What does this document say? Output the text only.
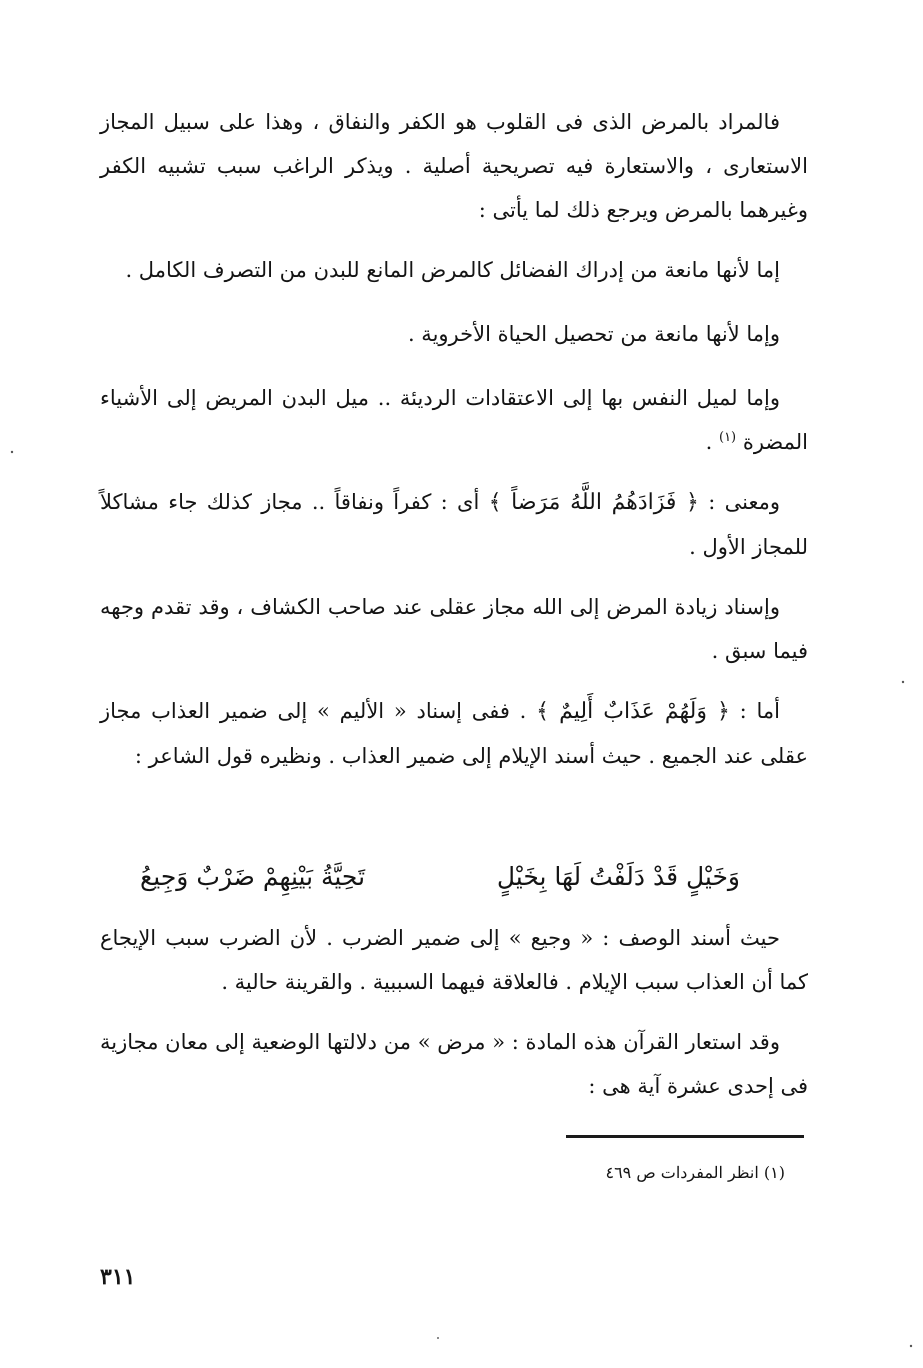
فالمراد بالمرض الذى فى القلوب هو الكفر والنفاق ، وهذا على سبيل المجاز الاستعارى ، والاستعارة فيه تصريحية أصلية . ويذكر الراغب سبب تشبيه الكفر وغيرهما بالمرض ويرجع ذلك لما يأتى :

إما لأنها مانعة من إدراك الفضائل كالمرض المانع للبدن من التصرف الكامل .

وإما لأنها مانعة من تحصيل الحياة الأخروية .

وإما لميل النفس بها إلى الاعتقادات الرديئة .. ميل البدن المريض إلى الأشياء المضرة $^{(١)}$ .

ومعنى : ﴿ فَزَادَهُمُ اللَّهُ مَرَضاً ﴾ أى : كفراً ونفاقاً .. مجاز كذلك جاء مشاكلاً للمجاز الأول .

وإسناد زيادة المرض إلى الله مجاز عقلى عند صاحب الكشاف ، وقد تقدم وجهه فيما سبق .

أما : ﴿ وَلَهُمْ عَذَابٌ أَلِيمٌ ﴾ . ففى إسناد « الأليم » إلى ضمير العذاب مجاز عقلى عند الجميع . حيث أسند الإيلام إلى ضمير العذاب . ونظيره قول الشاعر :

وَخَيْلٍ قَدْ دَلَفْتُ لَهَا بِخَيْلٍ
تَحِيَّةُ بَيْنِهِمْ ضَرْبٌ وَجِيعُ

حيث أسند الوصف : « وجيع » إلى ضمير الضرب . لأن الضرب سبب الإيجاع كما أن العذاب سبب الإيلام . فالعلاقة فيهما السببية . والقرينة حالية .

وقد استعار القرآن هذه المادة : « مرض » من دلالتها الوضعية إلى معان مجازية فى إحدى عشرة آية هى :

(١) انظر المفردات ص ٤٦٩
٣١١
